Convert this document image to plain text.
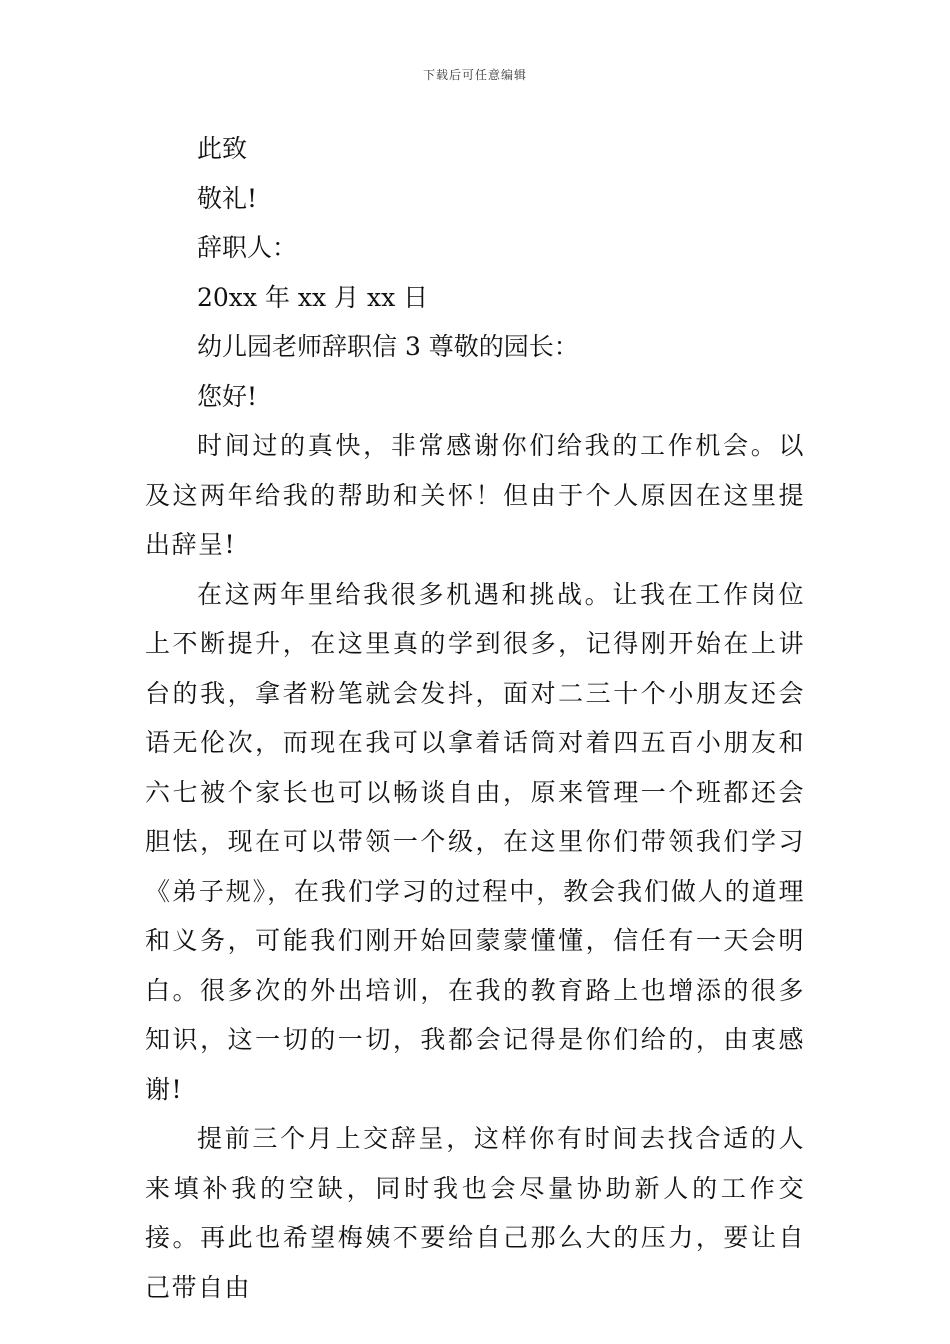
下载后可任意编辑
此致
敬礼!
辞职人：
20xx 年 xx 月 xx 日
幼儿园老师辞职信 3 尊敬的园长：
您好!

时间过的真快，非常感谢你们给我的工作机会。以及这两年给我的帮助和关怀！但由于个人原因在这里提出辞呈!

在这两年里给我很多机遇和挑战。让我在工作岗位上不断提升，在这里真的学到很多，记得刚开始在上讲台的我，拿者粉笔就会发抖，面对二三十个小朋友还会语无伦次，而现在我可以拿着话筒对着四五百小朋友和六七被个家长也可以畅谈自由，原来管理一个班都还会胆怯，现在可以带领一个级，在这里你们带领我们学习《弟子规》，在我们学习的过程中，教会我们做人的道理和义务，可能我们刚开始回蒙蒙懂懂，信任有一天会明白。很多次的外出培训，在我的教育路上也增添的很多知识，这一切的一切，我都会记得是你们给的，由衷感谢!

提前三个月上交辞呈，这样你有时间去找合适的人来填补我的空缺，同时我也会尽量协助新人的工作交接。再此也希望梅姨不要给自己那么大的压力，要让自己带自由
